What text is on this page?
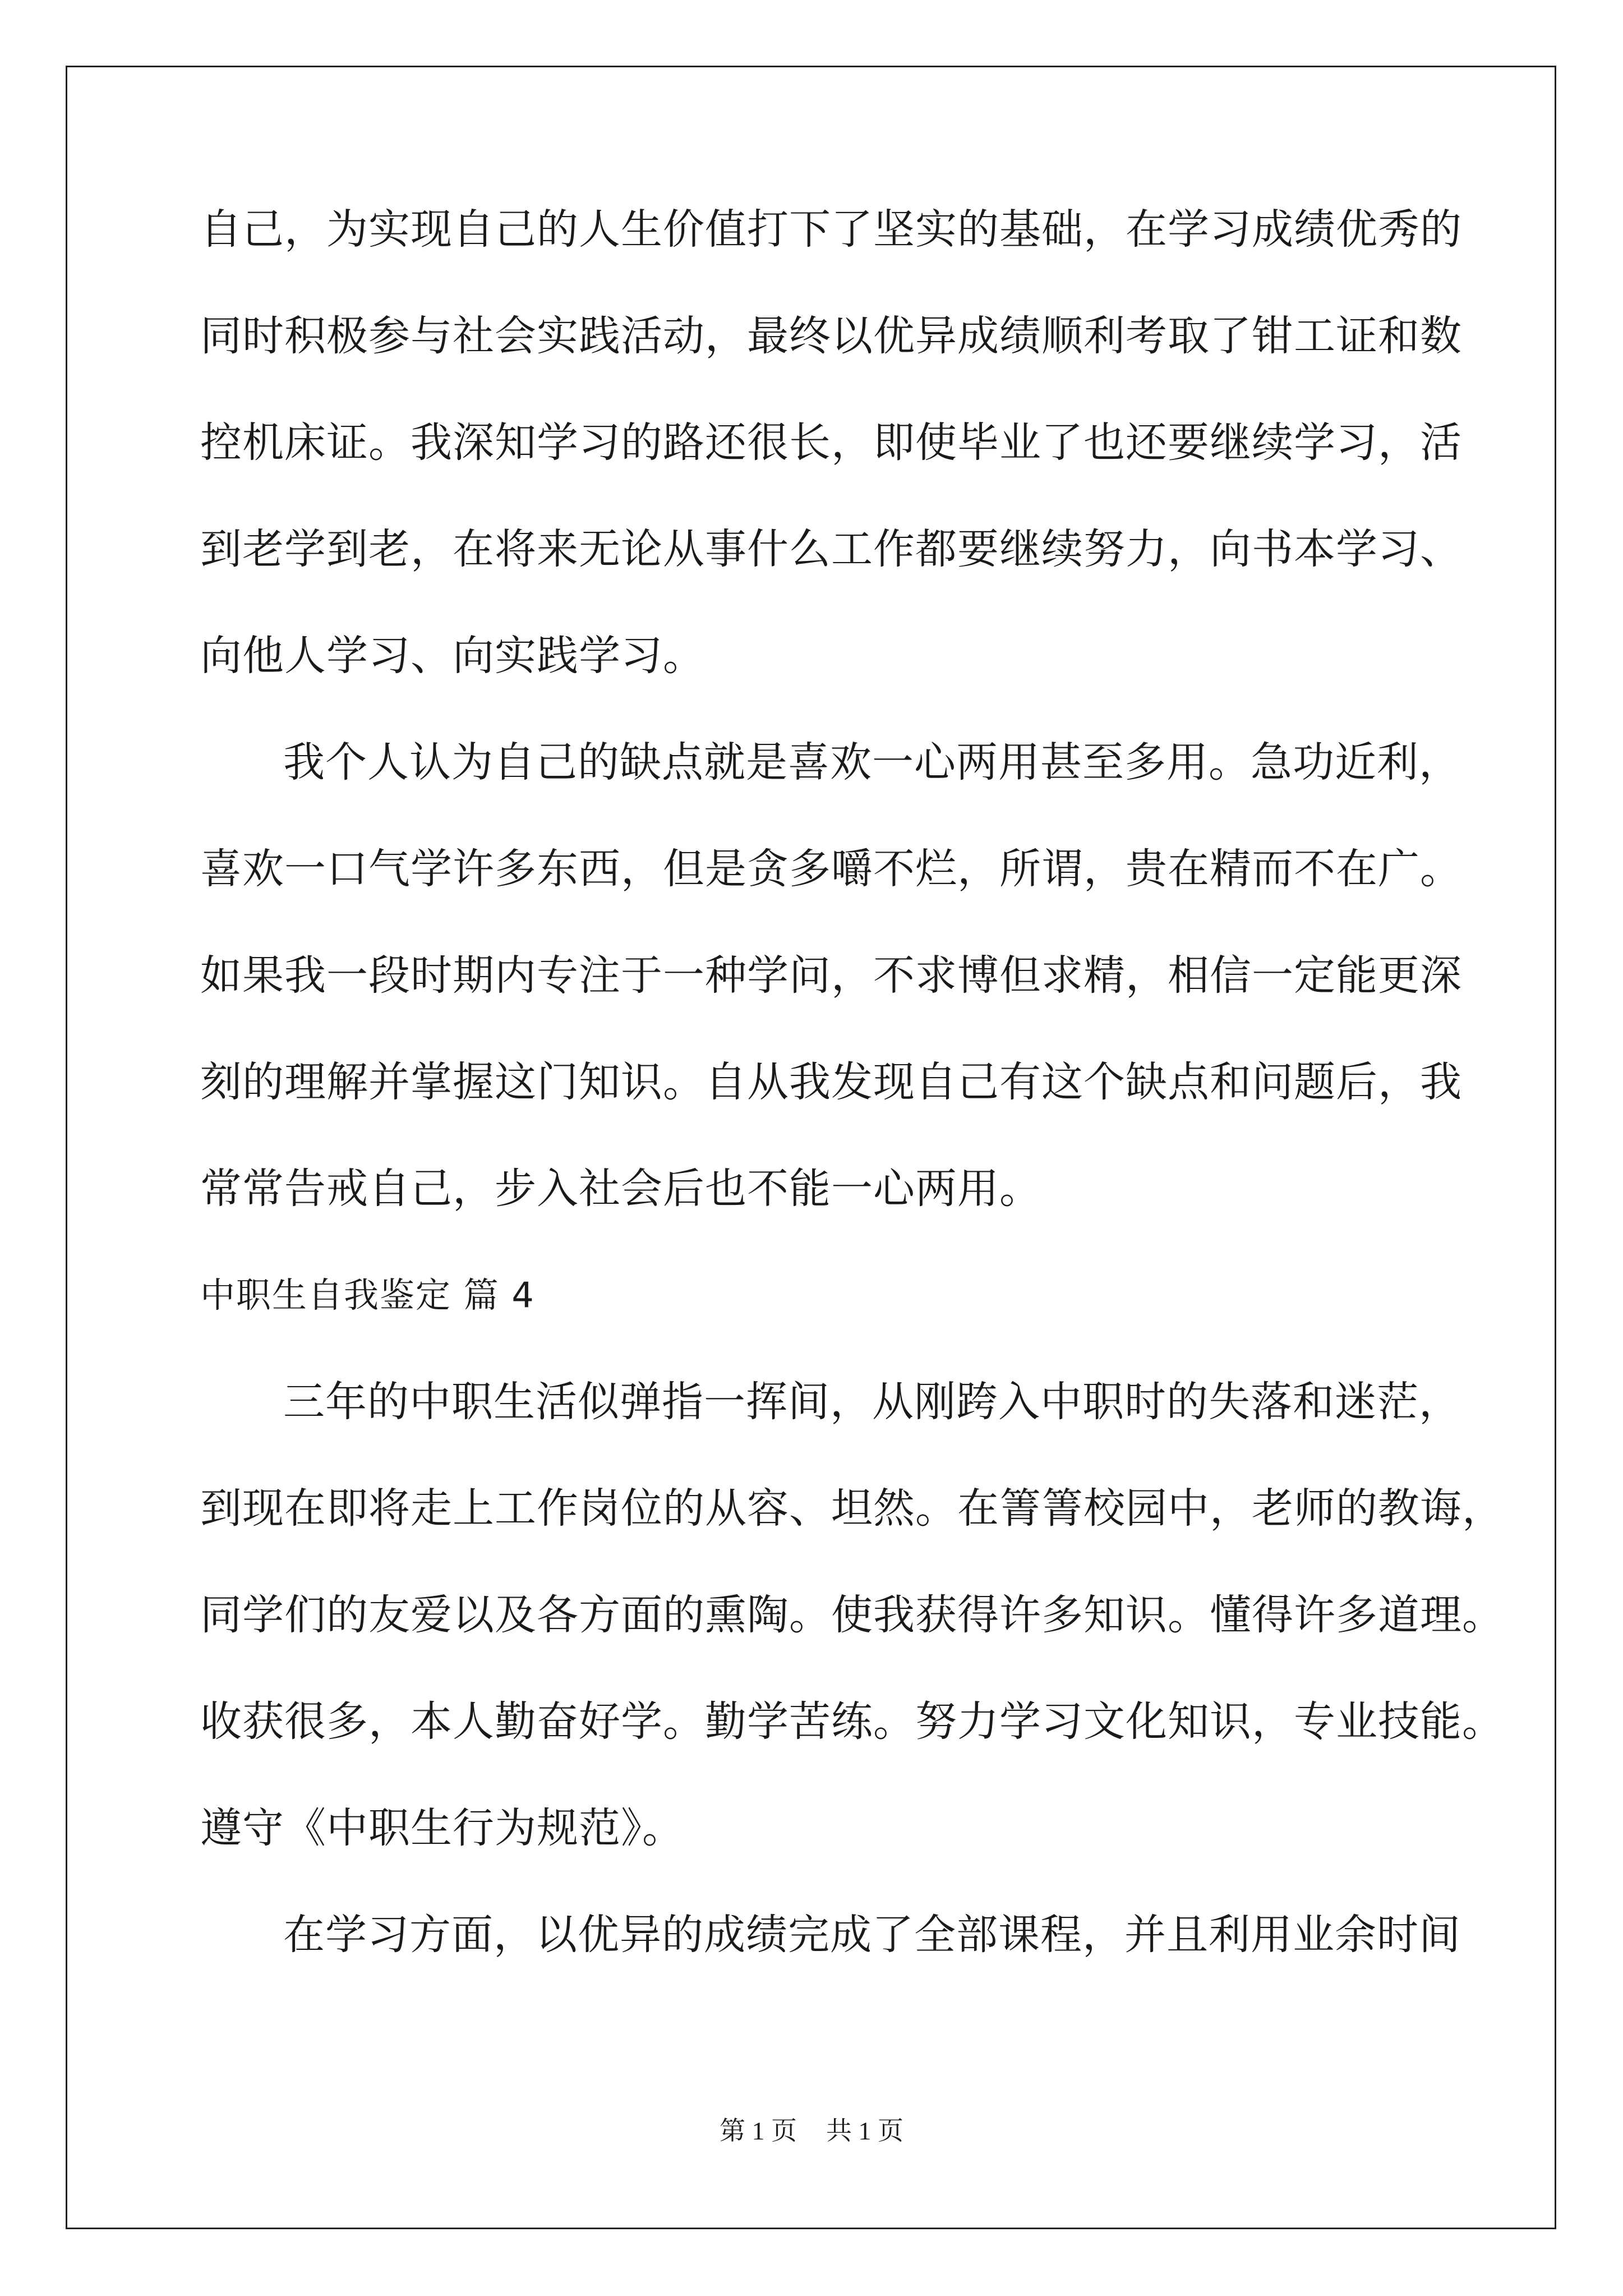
自己，为实现自己的人生价值打下了坚实的基础，在学习成绩优秀的
同时积极参与社会实践活动，最终以优异成绩顺利考取了钳工证和数
控机床证。我深知学习的路还很长，即使毕业了也还要继续学习，活
到老学到老，在将来无论从事什么工作都要继续努力，向书本学习、
向他人学习、向实践学习。
我个人认为自己的缺点就是喜欢一心两用甚至多用。急功近利，
喜欢一口气学许多东西，但是贪多嚼不烂，所谓，贵在精而不在广。
如果我一段时期内专注于一种学问，不求博但求精，相信一定能更深
刻的理解并掌握这门知识。自从我发现自己有这个缺点和问题后，我
常常告戒自己，步入社会后也不能一心两用。
中职生自我鉴定 篇 4
三年的中职生活似弹指一挥间，从刚跨入中职时的失落和迷茫，
到现在即将走上工作岗位的从容、坦然。在箐箐校园中，老师的教诲，
同学们的友爱以及各方面的熏陶。使我获得许多知识。懂得许多道理。
收获很多，本人勤奋好学。勤学苦练。努力学习文化知识，专业技能。
遵守《中职生行为规范》。
在学习方面，以优异的成绩完成了全部课程，并且利用业余时间
第 1 页 共 1 页
